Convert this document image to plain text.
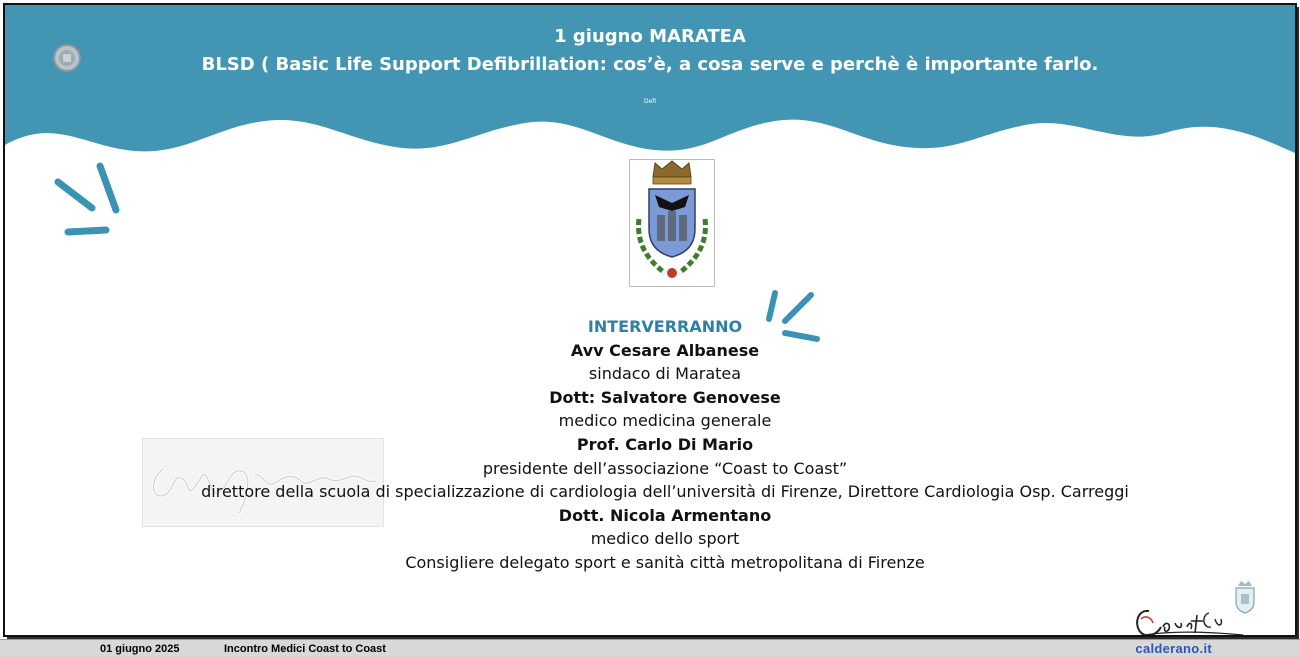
1 giugno MARATEA
BLSD ( Basic Life Support Defibrillation: cos’è, a cosa serve e perchè è importante farlo.
Defi
INTERVERRANNO
Avv Cesare Albanese
sindaco di Maratea
Dott: Salvatore Genovese
medico medicina generale
Prof. Carlo Di Mario
presidente dell’associazione “Coast to Coast”
direttore della scuola di specializzazione di cardiologia dell’università di Firenze, Direttore Cardiologia Osp. Carreggi
Dott. Nicola Armentano
medico dello sport
Consigliere delegato sport e sanità città metropolitana di Firenze
01 giugno 2025	Incontro Medici Coast to Coast	calderano.it
